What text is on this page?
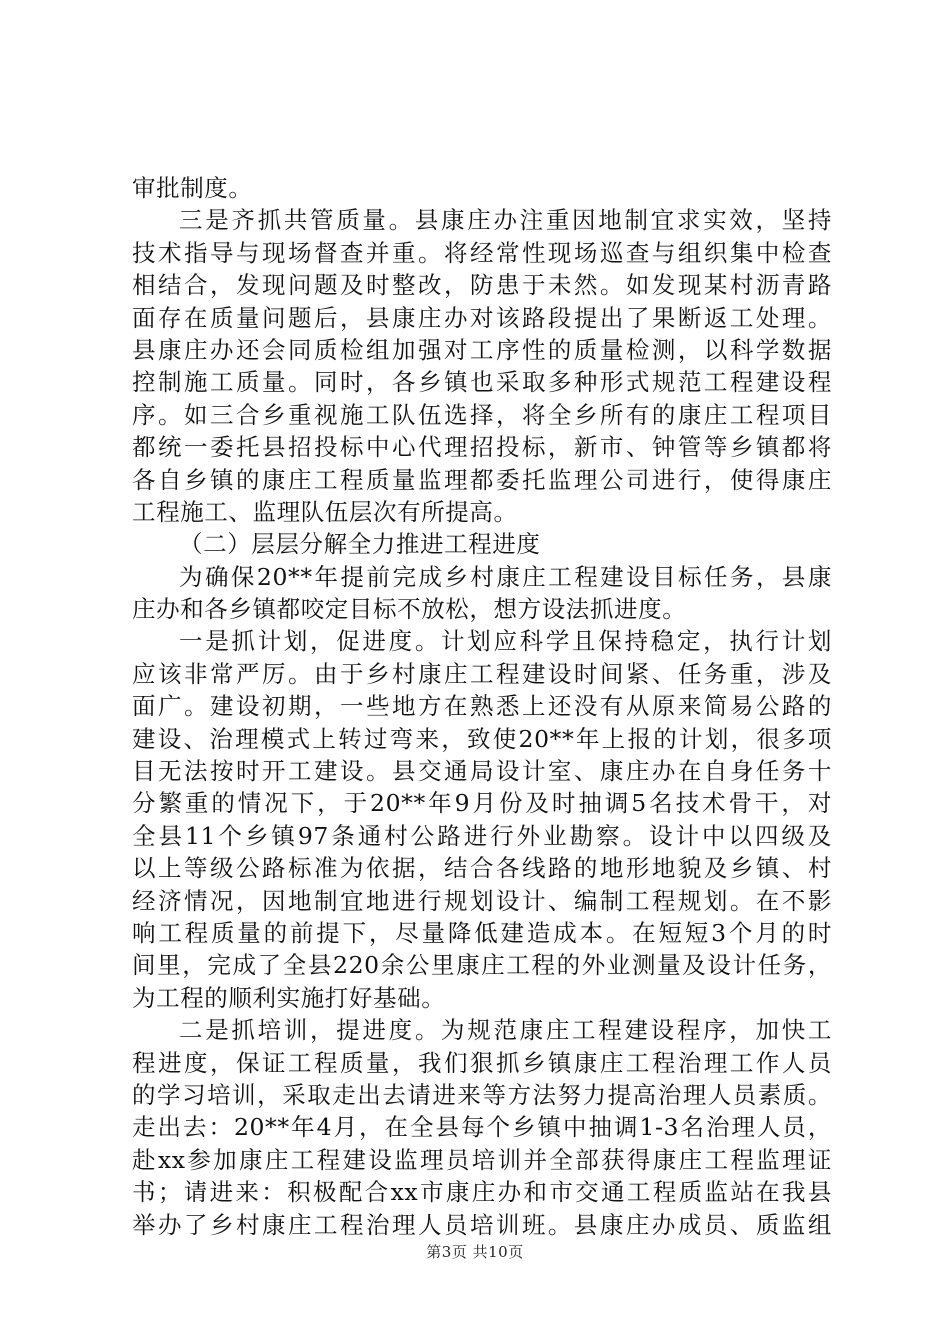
审批制度。
三是齐抓共管质量。县康庄办注重因地制宜求实效，坚持
技术指导与现场督查并重。将经常性现场巡查与组织集中检查
相结合，发现问题及时整改，防患于未然。如发现某村沥青路
面存在质量问题后，县康庄办对该路段提出了果断返工处理。
县康庄办还会同质检组加强对工序性的质量检测，以科学数据
控制施工质量。同时，各乡镇也采取多种形式规范工程建设程
序。如三合乡重视施工队伍选择，将全乡所有的康庄工程项目
都统一委托县招投标中心代理招投标，新市、钟管等乡镇都将
各自乡镇的康庄工程质量监理都委托监理公司进行，使得康庄
工程施工、监理队伍层次有所提高。
（二）层层分解全力推进工程进度
为确保20**年提前完成乡村康庄工程建设目标任务，县康
庄办和各乡镇都咬定目标不放松，想方设法抓进度。
一是抓计划，促进度。计划应科学且保持稳定，执行计划
应该非常严厉。由于乡村康庄工程建设时间紧、任务重，涉及
面广。建设初期，一些地方在熟悉上还没有从原来简易公路的
建设、治理模式上转过弯来，致使20**年上报的计划，很多项
目无法按时开工建设。县交通局设计室、康庄办在自身任务十
分繁重的情况下，于20**年9月份及时抽调5名技术骨干，对
全县11个乡镇97条通村公路进行外业勘察。设计中以四级及
以上等级公路标准为依据，结合各线路的地形地貌及乡镇、村
经济情况，因地制宜地进行规划设计、编制工程规划。在不影
响工程质量的前提下，尽量降低建造成本。在短短3个月的时
间里，完成了全县220余公里康庄工程的外业测量及设计任务，
为工程的顺利实施打好基础。
二是抓培训，提进度。为规范康庄工程建设程序，加快工
程进度，保证工程质量，我们狠抓乡镇康庄工程治理工作人员
的学习培训，采取走出去请进来等方法努力提高治理人员素质。
走出去：20**年4月，在全县每个乡镇中抽调1-3名治理人员，
赴xx参加康庄工程建设监理员培训并全部获得康庄工程监理证
书；请进来：积极配合xx市康庄办和市交通工程质监站在我县
举办了乡村康庄工程治理人员培训班。县康庄办成员、质监组
第3页 共10页
